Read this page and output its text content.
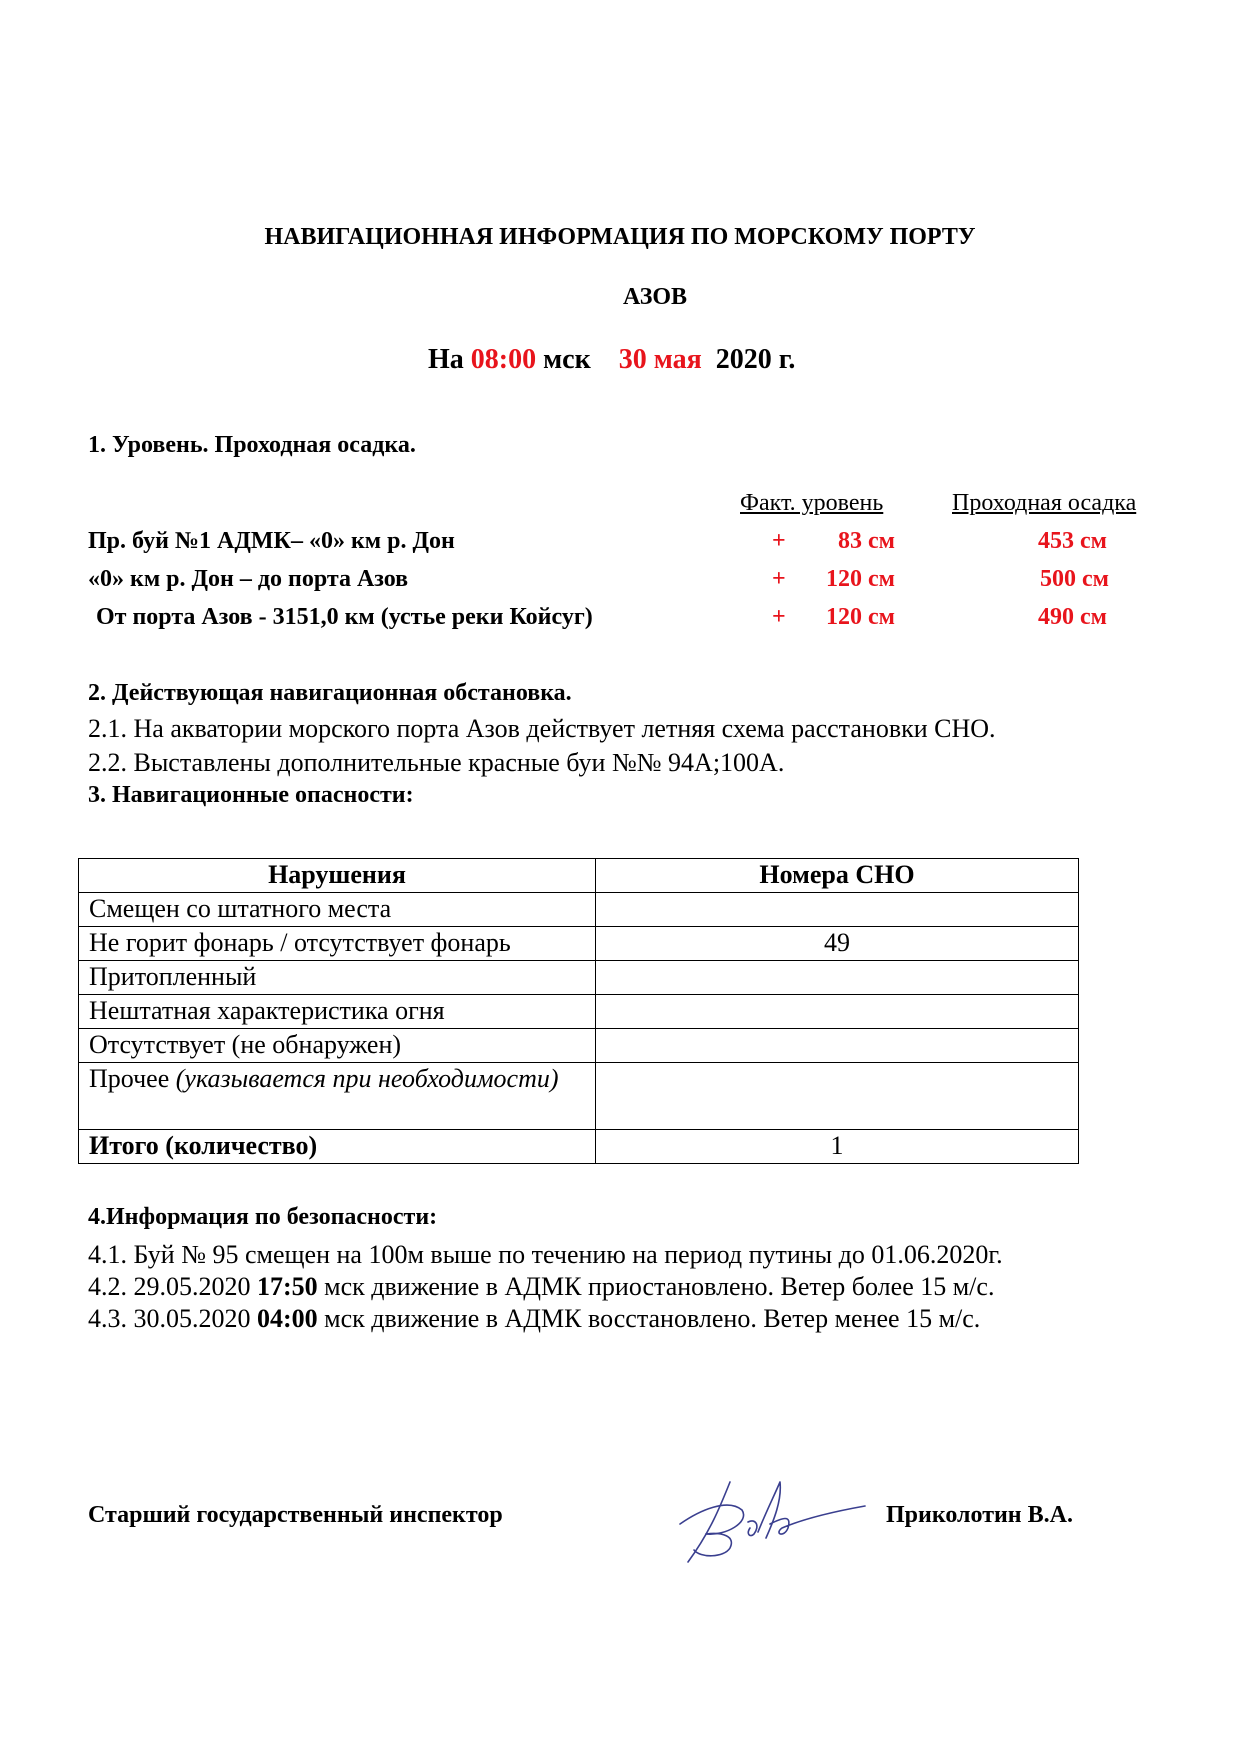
НАВИГАЦИОННАЯ ИНФОРМАЦИЯ ПО МОРСКОМУ ПОРТУ
АЗОВ
На 08:00 мск 30 мая 2020 г.
1. Уровень. Проходная осадка.
Факт. уровень	Проходная осадка
Пр. буй №1 АДМК– «0» км р. Дон	+ 83 см	453 см
«0» км р. Дон – до порта Азов	+ 120 см	500 см
От порта Азов - 3151,0 км (устье реки Койсуг)	+ 120 см	490 см
2. Действующая навигационная обстановка.
2.1. На акватории морского порта Азов действует летняя схема расстановки СНО.
2.2. Выставлены дополнительные красные буи №№ 94А;100А.
3. Навигационные опасности:
Нарушения	Номера СНО
Смещен со штатного места	
Не горит фонарь / отсутствует фонарь	49
Притопленный	
Нештатная характеристика огня	
Отсутствует (не обнаружен)	
Прочее (указывается при необходимости)	
Итого (количество)	1
4.Информация по безопасности:
4.1. Буй № 95 смещен на 100м выше по течению на период путины до 01.06.2020г.
4.2. 29.05.2020 17:50 мск движение в АДМК приостановлено. Ветер более 15 м/с.
4.3. 30.05.2020 04:00 мск движение в АДМК восстановлено. Ветер менее 15 м/с.
Старший государственный инспектор	Приколотин В.А.
